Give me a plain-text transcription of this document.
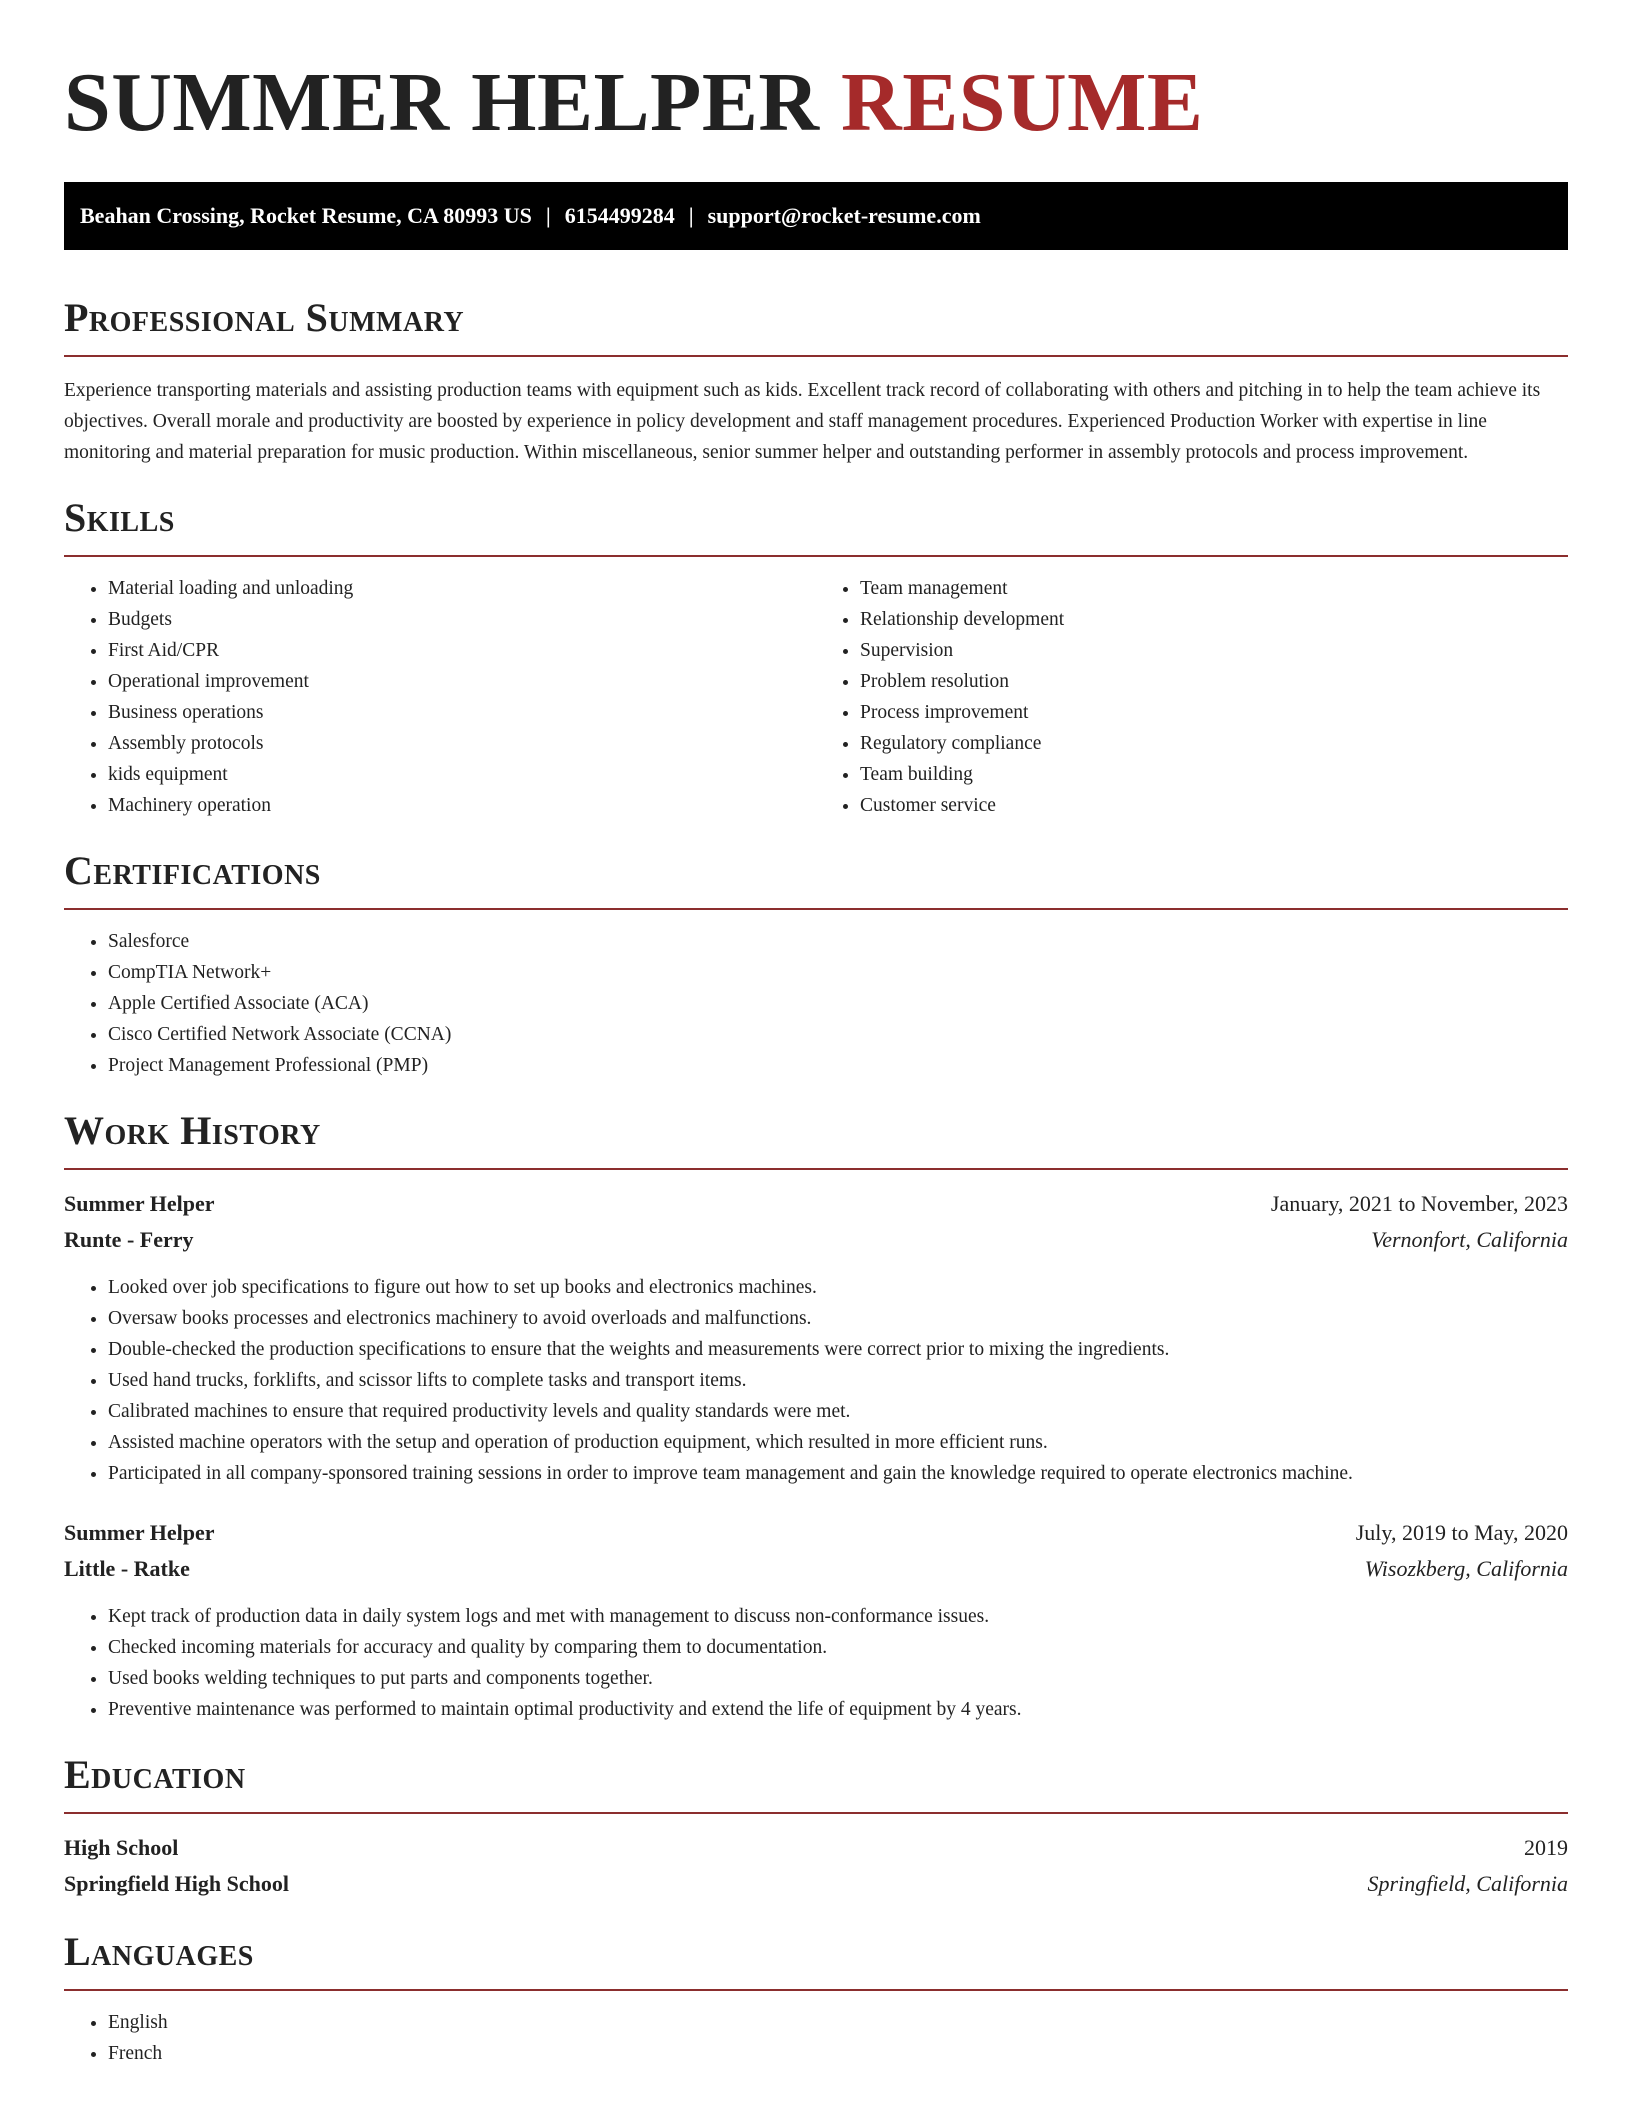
SUMMER HELPER RESUME
Beahan Crossing, Rocket Resume, CA 80993 US | 6154499284 | support@rocket-resume.com
Professional Summary

Experience transporting materials and assisting production teams with equipment such as kids. Excellent track record of collaborating with others and pitching in to help the team achieve its objectives. Overall morale and productivity are boosted by experience in policy development and staff management procedures. Experienced Production Worker with expertise in line monitoring and material preparation for music production. Within miscellaneous, senior summer helper and outstanding performer in assembly protocols and process improvement.

Skills
• Material loading and unloading
• Budgets
• First Aid/CPR
• Operational improvement
• Business operations
• Assembly protocols
• kids equipment
• Machinery operation
• Team management
• Relationship development
• Supervision
• Problem resolution
• Process improvement
• Regulatory compliance
• Team building
• Customer service
Certifications
• Salesforce
• CompTIA Network+
• Apple Certified Associate (ACA)
• Cisco Certified Network Associate (CCNA)
• Project Management Professional (PMP)
Work History
Summer Helper	January, 2021 to November, 2023
Runte - Ferry	Vernonfort, California
• Looked over job specifications to figure out how to set up books and electronics machines.
• Oversaw books processes and electronics machinery to avoid overloads and malfunctions.
• Double-checked the production specifications to ensure that the weights and measurements were correct prior to mixing the ingredients.
• Used hand trucks, forklifts, and scissor lifts to complete tasks and transport items.
• Calibrated machines to ensure that required productivity levels and quality standards were met.
• Assisted machine operators with the setup and operation of production equipment, which resulted in more efficient runs.
• Participated in all company-sponsored training sessions in order to improve team management and gain the knowledge required to operate electronics machine.
Summer Helper	July, 2019 to May, 2020
Little - Ratke	Wisozkberg, California
• Kept track of production data in daily system logs and met with management to discuss non-conformance issues.
• Checked incoming materials for accuracy and quality by comparing them to documentation.
• Used books welding techniques to put parts and components together.
• Preventive maintenance was performed to maintain optimal productivity and extend the life of equipment by 4 years.
Education
High School	2019
Springfield High School	Springfield, California
Languages
• English
• French
